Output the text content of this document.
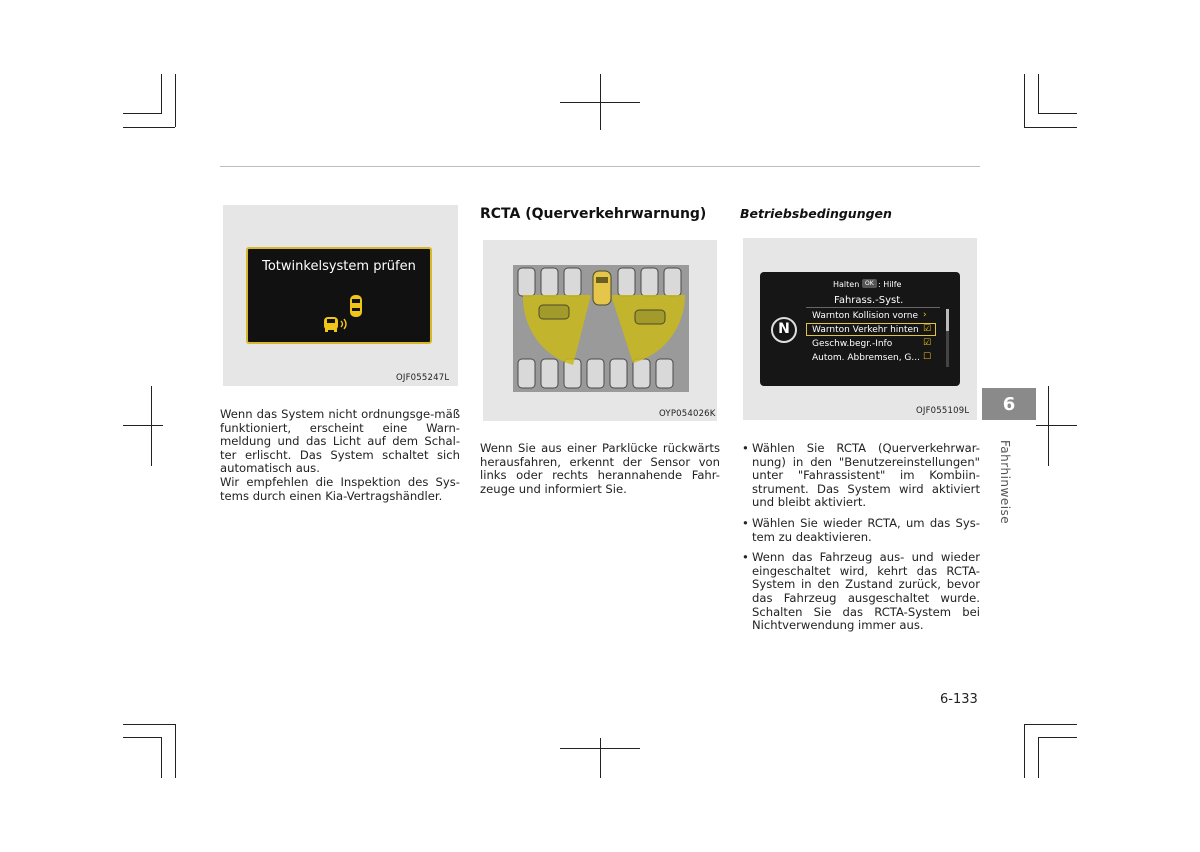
Totwinkelsystem prüfen
OJF055247L

Wenn das System nicht ordnungsge-mäß funktioniert, erscheint eine Warn-meldung und das Licht auf dem Schal-ter erlischt. Das System schaltet sich automatisch aus.

Wir empfehlen die Inspektion des Sys-tems durch einen Kia-Vertragshändler.

RCTA (Querverkehrwarnung)
OYP054026K

Wenn Sie aus einer Parklücke rückwärts herausfahren, erkennt der Sensor von links oder rechts herannahende Fahr-zeuge und informiert Sie.

Betriebsbedingungen
N
Halten OK : Hilfe
Fahrass.-Syst.
Warnton Kollision vorne ›
Warnton Verkehr hinten ☑
Geschw.begr.-Info	☑
Autom. Abbremsen, G... ☐
OJF055109L
• Wählen Sie RCTA (Querverkehrwar-nung) in den "Benutzereinstellungen" unter "Fahrassistent" im Kombiin-strument. Das System wird aktiviert und bleibt aktiviert.
• Wählen Sie wieder RCTA, um das Sys-tem zu deaktivieren.
• Wenn das Fahrzeug aus- und wieder eingeschaltet wird, kehrt das RCTA-System in den Zustand zurück, bevor das Fahrzeug ausgeschaltet wurde. Schalten Sie das RCTA-System bei Nichtverwendung immer aus.
6
Fahrhinweise
6-133
